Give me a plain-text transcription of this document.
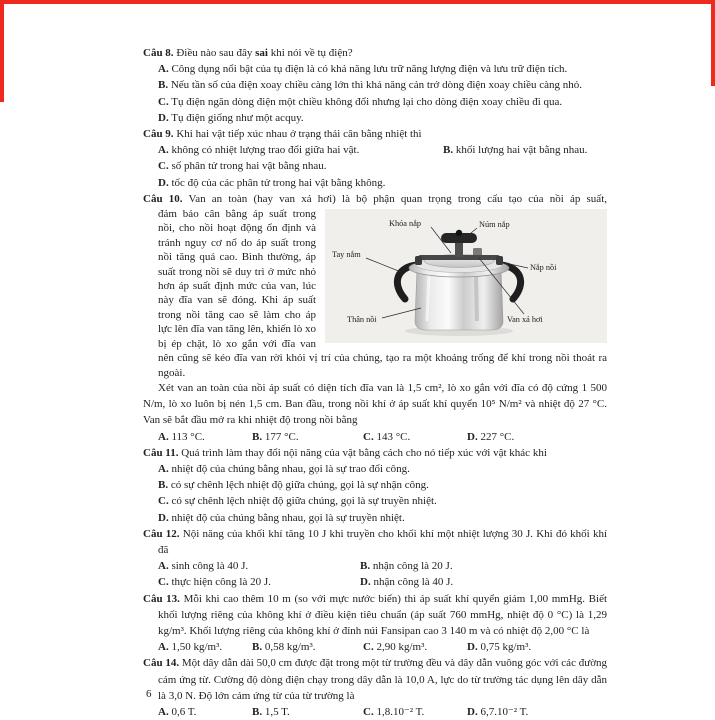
Câu 8. Điều nào sau đây sai khi nói về tụ điện?

A. Công dụng nổi bật của tụ điện là có khả năng lưu trữ năng lượng điện và lưu trữ điện tích.

B. Nếu tần số của điện xoay chiều càng lớn thì khả năng cản trở dòng điện xoay chiều càng nhỏ.

C. Tụ điện ngăn dòng điện một chiều không đổi nhưng lại cho dòng điện xoay chiều đi qua.

D. Tụ điện giống như một acquy.

Câu 9. Khi hai vật tiếp xúc nhau ở trạng thái cân bằng nhiệt thì

A. không có nhiệt lượng trao đổi giữa hai vật.	B. khối lượng hai vật bằng nhau.

C. số phân tử trong hai vật bằng nhau.

D. tốc độ của các phân tử trong hai vật bằng không.

Câu 10. Van an toàn (hay van xả hơi) là bộ phận quan trọng trong cấu tạo của nồi áp suất,

Khóa nắp	Núm nắp
Tay nắm
Nắp nồi
Thân nồi	Van xả hơi

đảm bảo cân bằng áp suất trong nồi, cho nồi hoạt động ổn định và tránh nguy cơ nổ do áp suất trong nồi tăng quá cao. Bình thường, áp suất trong nồi sẽ duy trì ở mức nhỏ hơn áp suất định mức của van, lúc này đĩa van sẽ đóng. Khi áp suất trong nồi tăng cao sẽ làm cho áp lực lên đĩa van tăng lên, khiến lò xo bị ép chặt, lò xo gắn với đĩa van nên cũng sẽ kéo đĩa van rời khỏi vị trí của chúng, tạo ra một khoảng trống để khí trong nồi thoát ra ngoài.

Xét van an toàn của nồi áp suất có diện tích đĩa van là 1,5 cm², lò xo gắn với đĩa có độ cứng 1 500 N/m, lò xo luôn bị nén 1,5 cm. Ban đầu, trong nồi khí ở áp suất khí quyển 10⁵ N/m² và nhiệt độ 27 °C. Van sẽ bắt đầu mở ra khi nhiệt độ trong nồi bằng

A. 113 °C.	B. 177 °C.	C. 143 °C.	D. 227 °C.

Câu 11. Quá trình làm thay đổi nội năng của vật bằng cách cho nó tiếp xúc với vật khác khi

A. nhiệt độ của chúng bằng nhau, gọi là sự trao đổi công.

B. có sự chênh lệch nhiệt độ giữa chúng, gọi là sự nhận công.

C. có sự chênh lệch nhiệt độ giữa chúng, gọi là sự truyền nhiệt.

D. nhiệt độ của chúng bằng nhau, gọi là sự truyền nhiệt.

Câu 12. Nội năng của khối khí tăng 10 J khi truyền cho khối khí một nhiệt lượng 30 J. Khi đó khối khí đã

A. sinh công là 40 J.	B. nhận công là 20 J.

C. thực hiện công là 20 J.	D. nhận công là 40 J.

Câu 13. Mỗi khi cao thêm 10 m (so với mực nước biển) thì áp suất khí quyển giảm 1,00 mmHg. Biết khối lượng riêng của không khí ở điều kiện tiêu chuẩn (áp suất 760 mmHg, nhiệt độ 0 °C) là 1,29 kg/m³. Khối lượng riêng của không khí ở đỉnh núi Fansipan cao 3 140 m và có nhiệt độ 2,00 °C là

A. 1,50 kg/m³.	B. 0,58 kg/m³.	C. 2,90 kg/m³.	D. 0,75 kg/m³.

Câu 14. Một dây dẫn dài 50,0 cm được đặt trong một từ trường đều và dây dẫn vuông góc với các đường cảm ứng từ. Cường độ dòng điện chạy trong dây dẫn là 10,0 A, lực do từ trường tác dụng lên dây dẫn là 3,0 N. Độ lớn cảm ứng từ của từ trường là

A. 0,6 T.	B. 1,5 T.	C. 1,8.10⁻² T.	D. 6,7.10⁻² T.
6
